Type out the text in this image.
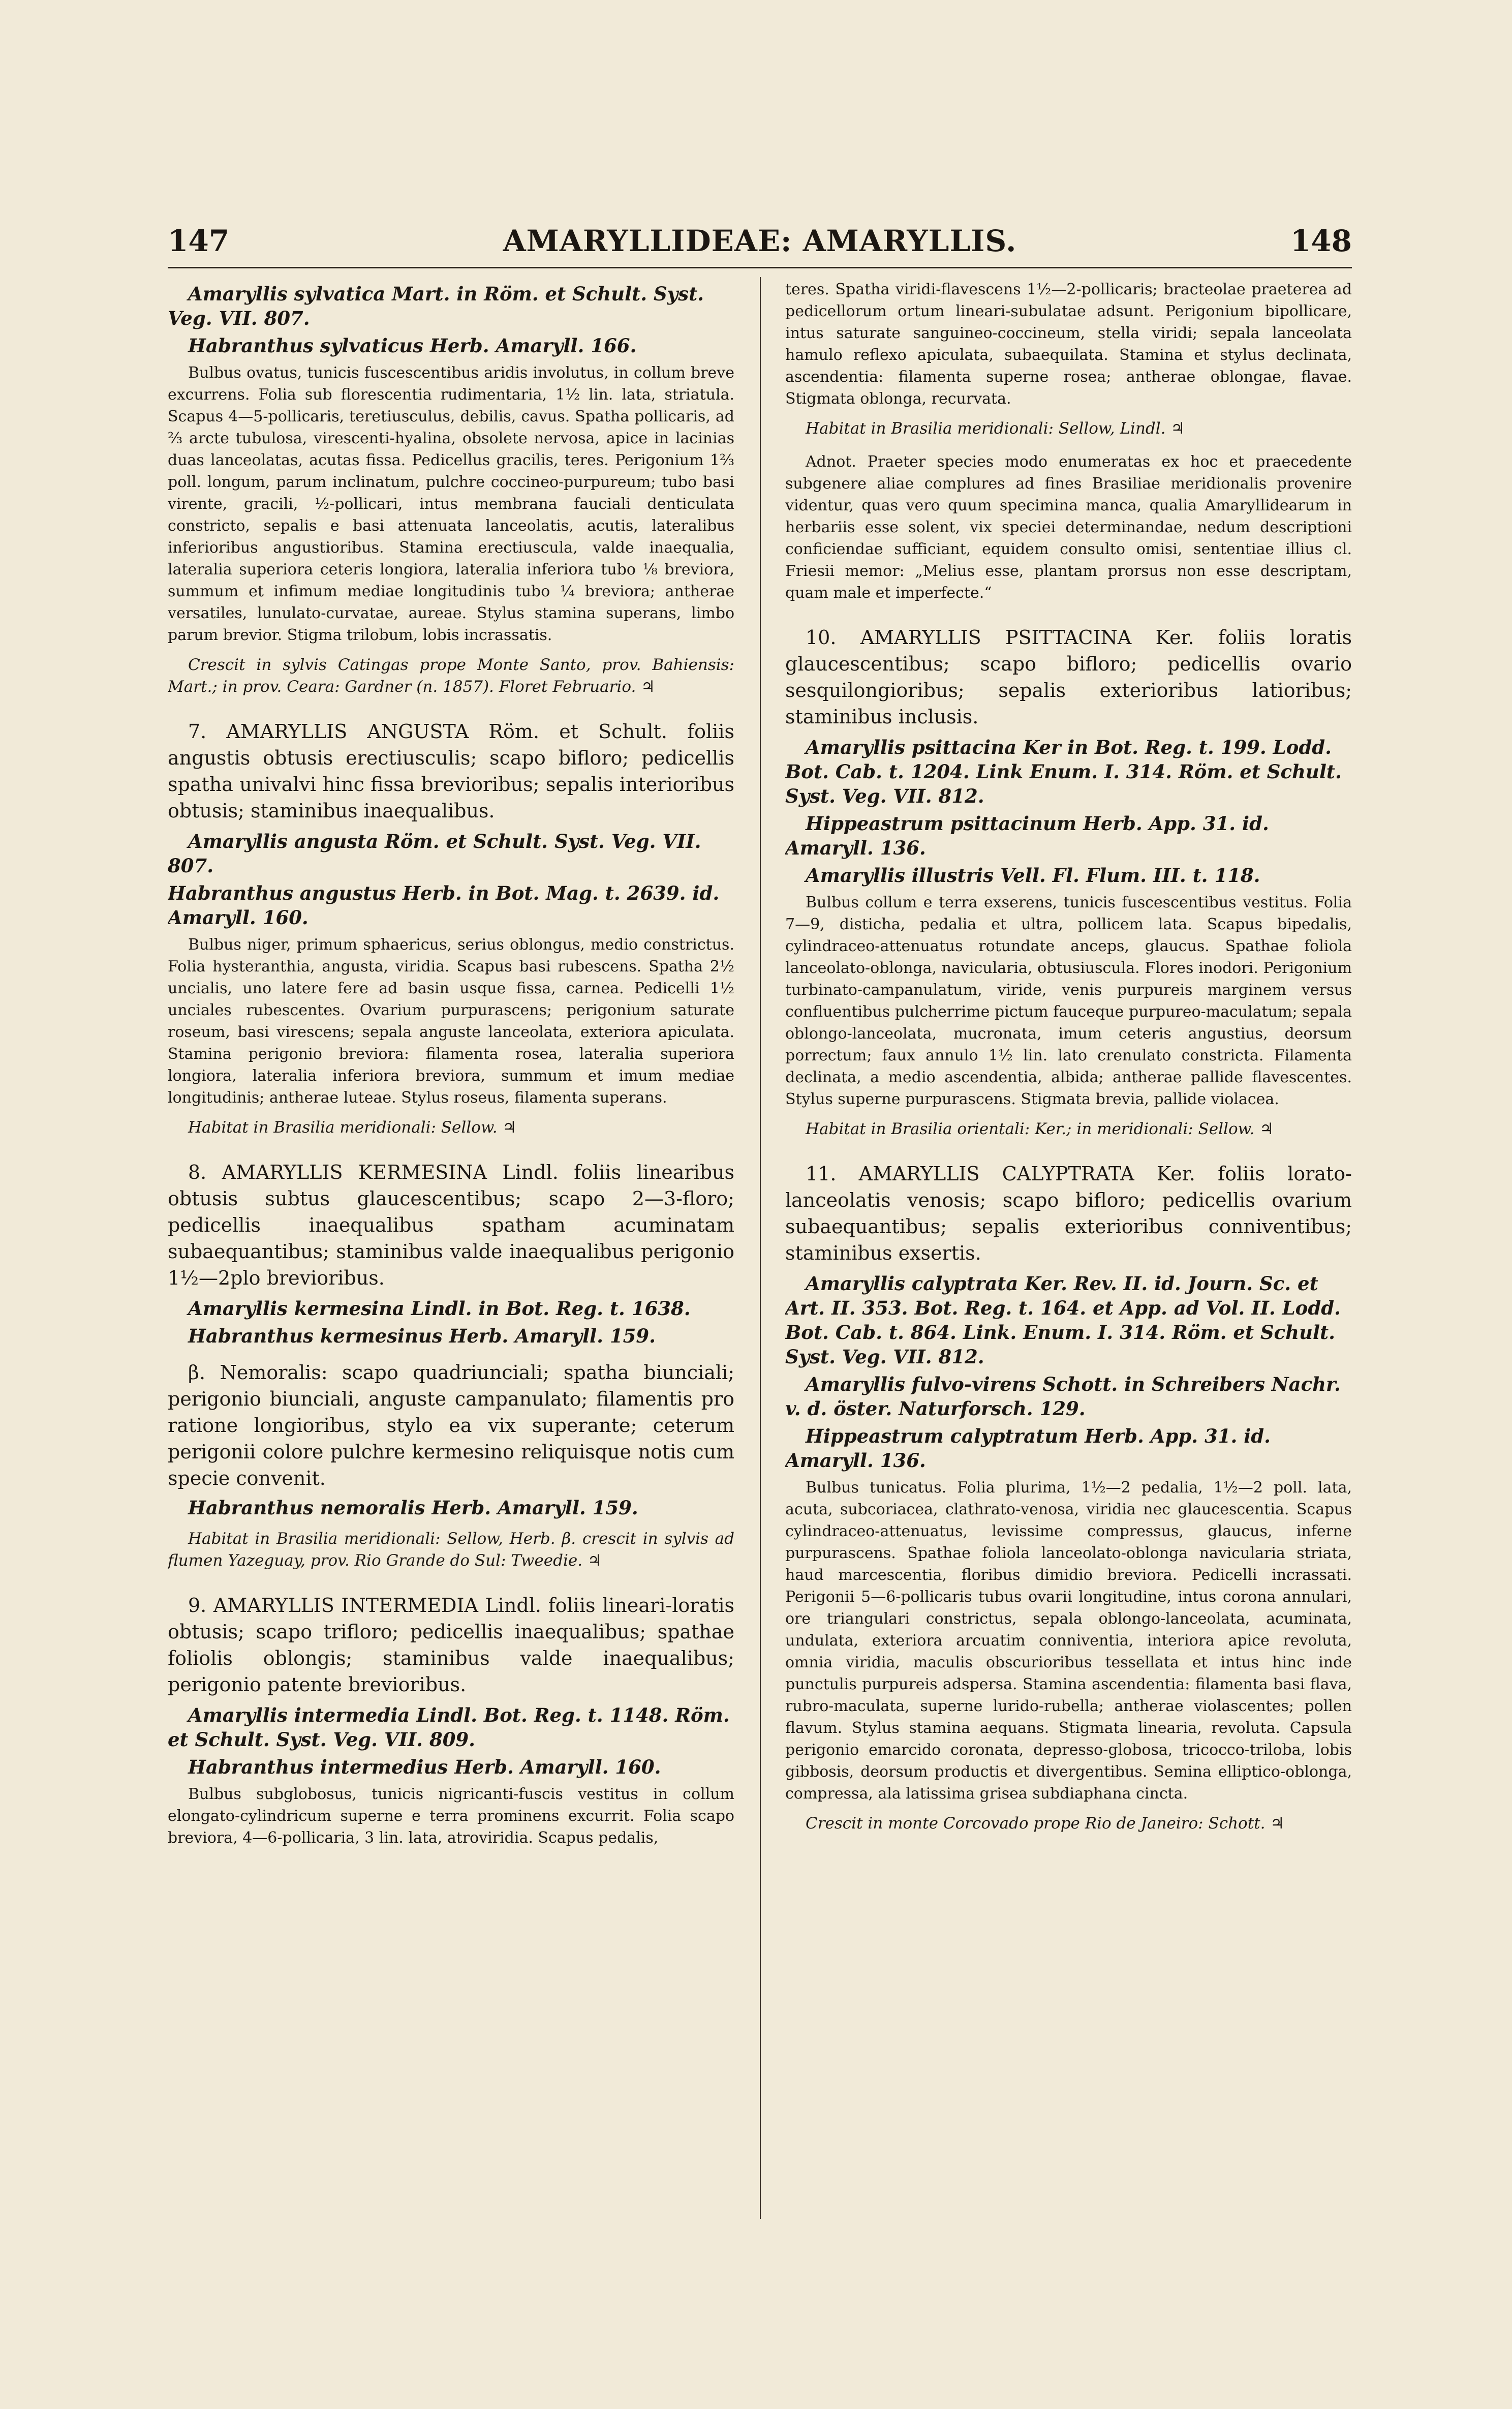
147	AMARYLLIDEAE: AMARYLLIS.	148

Amaryllis sylvatica Mart. in Röm. et Schult. Syst. Veg. VII. 807.

Habranthus sylvaticus Herb. Amaryll. 166.

Bulbus ovatus, tunicis fuscescentibus aridis involutus, in collum breve excurrens. Folia sub florescentia rudimentaria, 1½ lin. lata, striatula. Scapus 4—5-pollicaris, teretiusculus, debilis, cavus. Spatha pollicaris, ad ⅔ arcte tubulosa, virescenti-hyalina, obsolete nervosa, apice in lacinias duas lanceolatas, acutas fissa. Pedicellus gracilis, teres. Perigonium 1⅔ poll. longum, parum inclinatum, pulchre coccineo-purpureum; tubo basi virente, gracili, ½-pollicari, intus membrana fauciali denticulata constricto, sepalis e basi attenuata lanceolatis, acutis, lateralibus inferioribus angustioribus. Stamina erectiuscula, valde inaequalia, lateralia superiora ceteris longiora, lateralia inferiora tubo ⅛ breviora, summum et infimum mediae longitudinis tubo ¼ breviora; antherae versatiles, lunulato-curvatae, aureae. Stylus stamina superans, limbo parum brevior. Stigma trilobum, lobis incrassatis.

Crescit in sylvis Catingas prope Monte Santo, prov. Bahiensis: Mart.; in prov. Ceara: Gardner (n. 1857). Floret Februario. ♃

7. AMARYLLIS ANGUSTA Röm. et Schult. foliis angustis obtusis erectiusculis; scapo bifloro; pedicellis spatha univalvi hinc fissa brevioribus; sepalis interioribus obtusis; staminibus inaequalibus.

Amaryllis angusta Röm. et Schult. Syst. Veg. VII. 807.

Habranthus angustus Herb. in Bot. Mag. t. 2639. id. Amaryll. 160.

Bulbus niger, primum sphaericus, serius oblongus, medio constrictus. Folia hysteranthia, angusta, viridia. Scapus basi rubescens. Spatha 2½ uncialis, uno latere fere ad basin usque fissa, carnea. Pedicelli 1½ unciales rubescentes. Ovarium purpurascens; perigonium saturate roseum, basi virescens; sepala anguste lanceolata, exteriora apiculata. Stamina perigonio breviora: filamenta rosea, lateralia superiora longiora, lateralia inferiora breviora, summum et imum mediae longitudinis; antherae luteae. Stylus roseus, filamenta superans.

Habitat in Brasilia meridionali: Sellow. ♃

8. AMARYLLIS KERMESINA Lindl. foliis linearibus obtusis subtus glaucescentibus; scapo 2—3-floro; pedicellis inaequalibus spatham acuminatam subaequantibus; staminibus valde inaequalibus perigonio 1½—2plo brevioribus.

Amaryllis kermesina Lindl. in Bot. Reg. t. 1638.

Habranthus kermesinus Herb. Amaryll. 159.

β. Nemoralis: scapo quadriunciali; spatha biunciali; perigonio biunciali, anguste campanulato; filamentis pro ratione longioribus, stylo ea vix superante; ceterum perigonii colore pulchre kermesino reliquisque notis cum specie convenit.

Habranthus nemoralis Herb. Amaryll. 159.

Habitat in Brasilia meridionali: Sellow, Herb. β. crescit in sylvis ad flumen Yazeguay, prov. Rio Grande do Sul: Tweedie. ♃

9. AMARYLLIS INTERMEDIA Lindl. foliis lineari-loratis obtusis; scapo trifloro; pedicellis inaequalibus; spathae foliolis oblongis; staminibus valde inaequalibus; perigonio patente brevioribus.

Amaryllis intermedia Lindl. Bot. Reg. t. 1148. Röm. et Schult. Syst. Veg. VII. 809.

Habranthus intermedius Herb. Amaryll. 160.

Bulbus subglobosus, tunicis nigricanti-fuscis vestitus in collum elongato-cylindricum superne e terra prominens excurrit. Folia scapo breviora, 4—6-pollicaria, 3 lin. lata, atroviridia. Scapus pedalis,

teres. Spatha viridi-flavescens 1½—2-pollicaris; bracteolae praeterea ad pedicellorum ortum lineari-subulatae adsunt. Perigonium bipollicare, intus saturate sanguineo-coccineum, stella viridi; sepala lanceolata hamulo reflexo apiculata, subaequilata. Stamina et stylus declinata, ascendentia: filamenta superne rosea; antherae oblongae, flavae. Stigmata oblonga, recurvata.

Habitat in Brasilia meridionali: Sellow, Lindl. ♃

Adnot. Praeter species modo enumeratas ex hoc et praecedente subgenere aliae complures ad fines Brasiliae meridionalis provenire videntur, quas vero quum specimina manca, qualia Amaryllidearum in herbariis esse solent, vix speciei determinandae, nedum descriptioni conficiendae sufficiant, equidem consulto omisi, sententiae illius cl. Friesii memor: „Melius esse, plantam prorsus non esse descriptam, quam male et imperfecte.“

10. AMARYLLIS PSITTACINA Ker. foliis loratis glaucescentibus; scapo bifloro; pedicellis ovario sesquilongioribus; sepalis exterioribus latioribus; staminibus inclusis.

Amaryllis psittacina Ker in Bot. Reg. t. 199. Lodd. Bot. Cab. t. 1204. Link Enum. I. 314. Röm. et Schult. Syst. Veg. VII. 812.

Hippeastrum psittacinum Herb. App. 31. id. Amaryll. 136.

Amaryllis illustris Vell. Fl. Flum. III. t. 118.

Bulbus collum e terra exserens, tunicis fuscescentibus vestitus. Folia 7—9, disticha, pedalia et ultra, pollicem lata. Scapus bipedalis, cylindraceo-attenuatus rotundate anceps, glaucus. Spathae foliola lanceolato-oblonga, navicularia, obtusiuscula. Flores inodori. Perigonium turbinato-campanulatum, viride, venis purpureis marginem versus confluentibus pulcherrime pictum fauceque purpureo-maculatum; sepala oblongo-lanceolata, mucronata, imum ceteris angustius, deorsum porrectum; faux annulo 1½ lin. lato crenulato constricta. Filamenta declinata, a medio ascendentia, albida; antherae pallide flavescentes. Stylus superne purpurascens. Stigmata brevia, pallide violacea.

Habitat in Brasilia orientali: Ker.; in meridionali: Sellow. ♃

11. AMARYLLIS CALYPTRATA Ker. foliis lorato-lanceolatis venosis; scapo bifloro; pedicellis ovarium subaequantibus; sepalis exterioribus conniventibus; staminibus exsertis.

Amaryllis calyptrata Ker. Rev. II. id. Journ. Sc. et Art. II. 353. Bot. Reg. t. 164. et App. ad Vol. II. Lodd. Bot. Cab. t. 864. Link. Enum. I. 314. Röm. et Schult. Syst. Veg. VII. 812.

Amaryllis fulvo-virens Schott. in Schreibers Nachr. v. d. öster. Naturforsch. 129.

Hippeastrum calyptratum Herb. App. 31. id. Amaryll. 136.

Bulbus tunicatus. Folia plurima, 1½—2 pedalia, 1½—2 poll. lata, acuta, subcoriacea, clathrato-venosa, viridia nec glaucescentia. Scapus cylindraceo-attenuatus, levissime compressus, glaucus, inferne purpurascens. Spathae foliola lanceolato-oblonga navicularia striata, haud marcescentia, floribus dimidio breviora. Pedicelli incrassati. Perigonii 5—6-pollicaris tubus ovarii longitudine, intus corona annulari, ore triangulari constrictus, sepala oblongo-lanceolata, acuminata, undulata, exteriora arcuatim conniventia, interiora apice revoluta, omnia viridia, maculis obscurioribus tessellata et intus hinc inde punctulis purpureis adspersa. Stamina ascendentia: filamenta basi flava, rubro-maculata, superne lurido-rubella; antherae violascentes; pollen flavum. Stylus stamina aequans. Stigmata linearia, revoluta. Capsula perigonio emarcido coronata, depresso-globosa, tricocco-triloba, lobis gibbosis, deorsum productis et divergentibus. Semina elliptico-oblonga, compressa, ala latissima grisea subdiaphana cincta.

Crescit in monte Corcovado prope Rio de Janeiro: Schott. ♃
